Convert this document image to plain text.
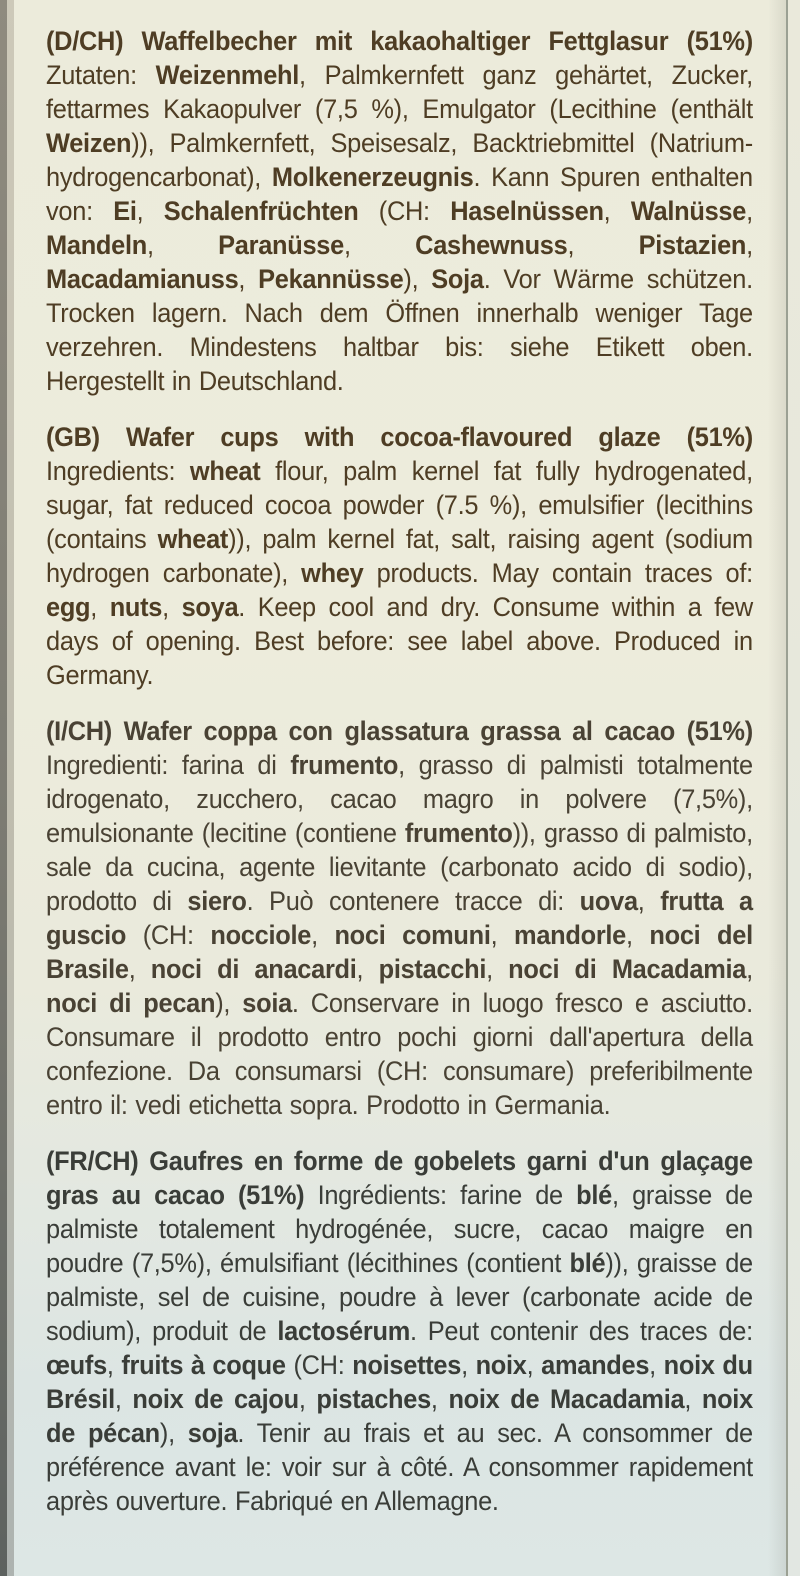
(D/CH) Waffelbecher mit kakaohaltiger Fettglasur (51%) Zutaten: Weizenmehl, Palmkernfett ganz gehärtet, Zucker, fettarmes Kakaopulver (7,5 %), Emulgator (Lecithine (enthält Weizen)), Palmkernfett, Speisesalz, Backtriebmittel (Natrium-hydrogencarbonat), Molkenerzeugnis. Kann Spuren enthalten von: Ei, Schalenfrüchten (CH: Haselnüssen, Walnüsse, Mandeln, Paranüsse, Cashewnuss, Pistazien, Macadamianuss, Pekannüsse), Soja. Vor Wärme schützen. Trocken lagern. Nach dem Öffnen innerhalb weniger Tage verzehren. Mindestens haltbar bis: siehe Etikett oben. Hergestellt in Deutschland.

(GB) Wafer cups with cocoa-flavoured glaze (51%) Ingredients: wheat flour, palm kernel fat fully hydrogenated, sugar, fat reduced cocoa powder (7.5 %), emulsifier (lecithins (contains wheat)), palm kernel fat, salt, raising agent (sodium hydrogen carbonate), whey products. May contain traces of: egg, nuts, soya. Keep cool and dry. Consume within a few days of opening. Best before: see label above. Produced in Germany.

(I/CH) Wafer coppa con glassatura grassa al cacao (51%) Ingredienti: farina di frumento, grasso di palmisti totalmente idrogenato, zucchero, cacao magro in polvere (7,5%), emulsionante (lecitine (contiene frumento)), grasso di palmisto, sale da cucina, agente lievitante (carbonato acido di sodio), prodotto di siero. Può contenere tracce di: uova, frutta a guscio (CH: nocciole, noci comuni, mandorle, noci del Brasile, noci di anacardi, pistacchi, noci di Macadamia, noci di pecan), soia. Conservare in luogo fresco e asciutto. Consumare il prodotto entro pochi giorni dall'apertura della confezione. Da consumarsi (CH: consumare) preferibilmente entro il: vedi etichetta sopra. Prodotto in Germania.

(FR/CH) Gaufres en forme de gobelets garni d'un glaçage gras au cacao (51%) Ingrédients: farine de blé, graisse de palmiste totalement hydrogénée, sucre, cacao maigre en poudre (7,5%), émulsifiant (lécithines (contient blé)), graisse de palmiste, sel de cuisine, poudre à lever (carbonate acide de sodium), produit de lactosérum. Peut contenir des traces de: œufs, fruits à coque (CH: noisettes, noix, amandes, noix du Brésil, noix de cajou, pistaches, noix de Macadamia, noix de pécan), soja. Tenir au frais et au sec. A consommer de préférence avant le: voir sur à côté. A consommer rapidement après ouverture. Fabriqué en Allemagne.
